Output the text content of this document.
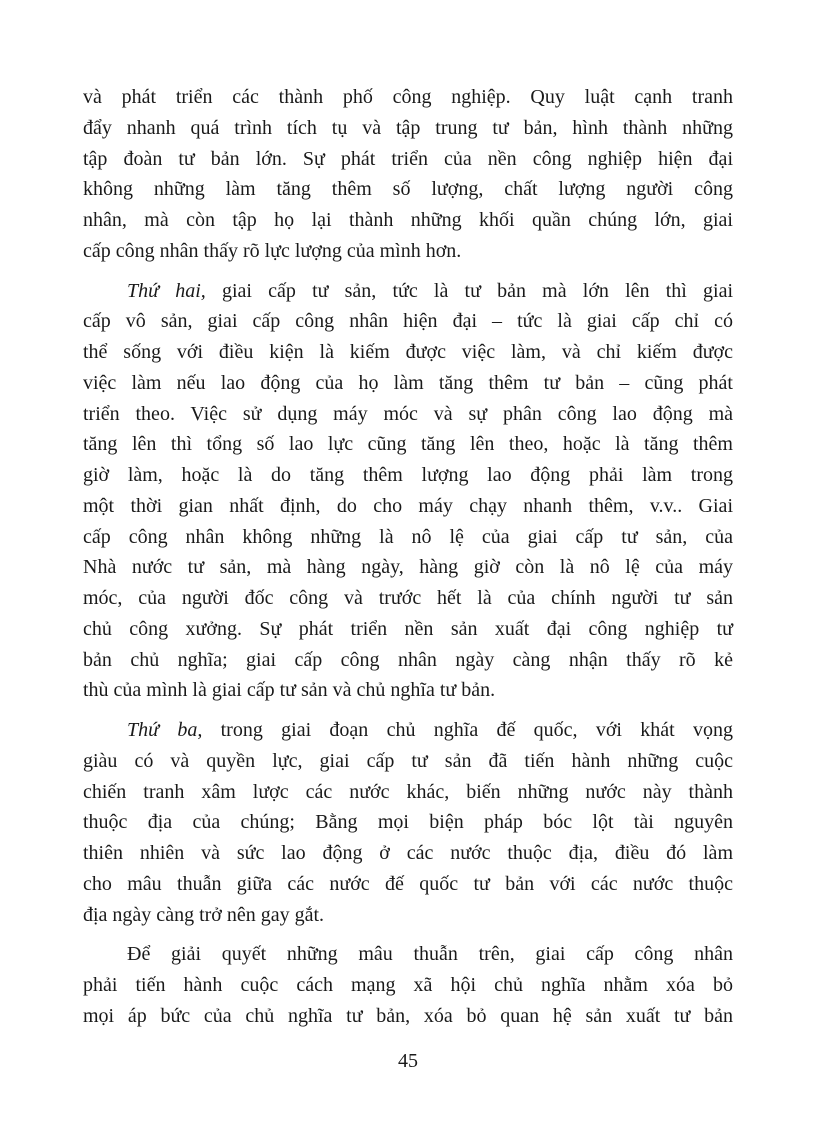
và phát triển các thành phố công nghiệp. Quy luật cạnh tranh
đẩy nhanh quá trình tích tụ và tập trung tư bản, hình thành những
tập đoàn tư bản lớn. Sự phát triển của nền công nghiệp hiện đại
không những làm tăng thêm số lượng, chất lượng người công
nhân, mà còn tập họ lại thành những khối quần chúng lớn, giai
cấp công nhân thấy rõ lực lượng của mình hơn.
Thứ hai, giai cấp tư sản, tức là tư bản mà lớn lên thì giai
cấp vô sản, giai cấp công nhân hiện đại – tức là giai cấp chỉ có
thể sống với điều kiện là kiếm được việc làm, và chỉ kiếm được
việc làm nếu lao động của họ làm tăng thêm tư bản – cũng phát
triển theo. Việc sử dụng máy móc và sự phân công lao động mà
tăng lên thì tổng số lao lực cũng tăng lên theo, hoặc là tăng thêm
giờ làm, hoặc là do tăng thêm lượng lao động phải làm trong
một thời gian nhất định, do cho máy chạy nhanh thêm, v.v.. Giai
cấp công nhân không những là nô lệ của giai cấp tư sản, của
Nhà nước tư sản, mà hàng ngày, hàng giờ còn là nô lệ của máy
móc, của người đốc công và trước hết là của chính người tư sản
chủ công xưởng. Sự phát triển nền sản xuất đại công nghiệp tư
bản chủ nghĩa; giai cấp công nhân ngày càng nhận thấy rõ kẻ
thù của mình là giai cấp tư sản và chủ nghĩa tư bản.
Thứ ba, trong giai đoạn chủ nghĩa đế quốc, với khát vọng
giàu có và quyền lực, giai cấp tư sản đã tiến hành những cuộc
chiến tranh xâm lược các nước khác, biến những nước này thành
thuộc địa của chúng; Bằng mọi biện pháp bóc lột tài nguyên
thiên nhiên và sức lao động ở các nước thuộc địa, điều đó làm
cho mâu thuẫn giữa các nước đế quốc tư bản với các nước thuộc
địa ngày càng trở nên gay gắt.
Để giải quyết những mâu thuẫn trên, giai cấp công nhân
phải tiến hành cuộc cách mạng xã hội chủ nghĩa nhằm xóa bỏ
mọi áp bức của chủ nghĩa tư bản, xóa bỏ quan hệ sản xuất tư bản
45
